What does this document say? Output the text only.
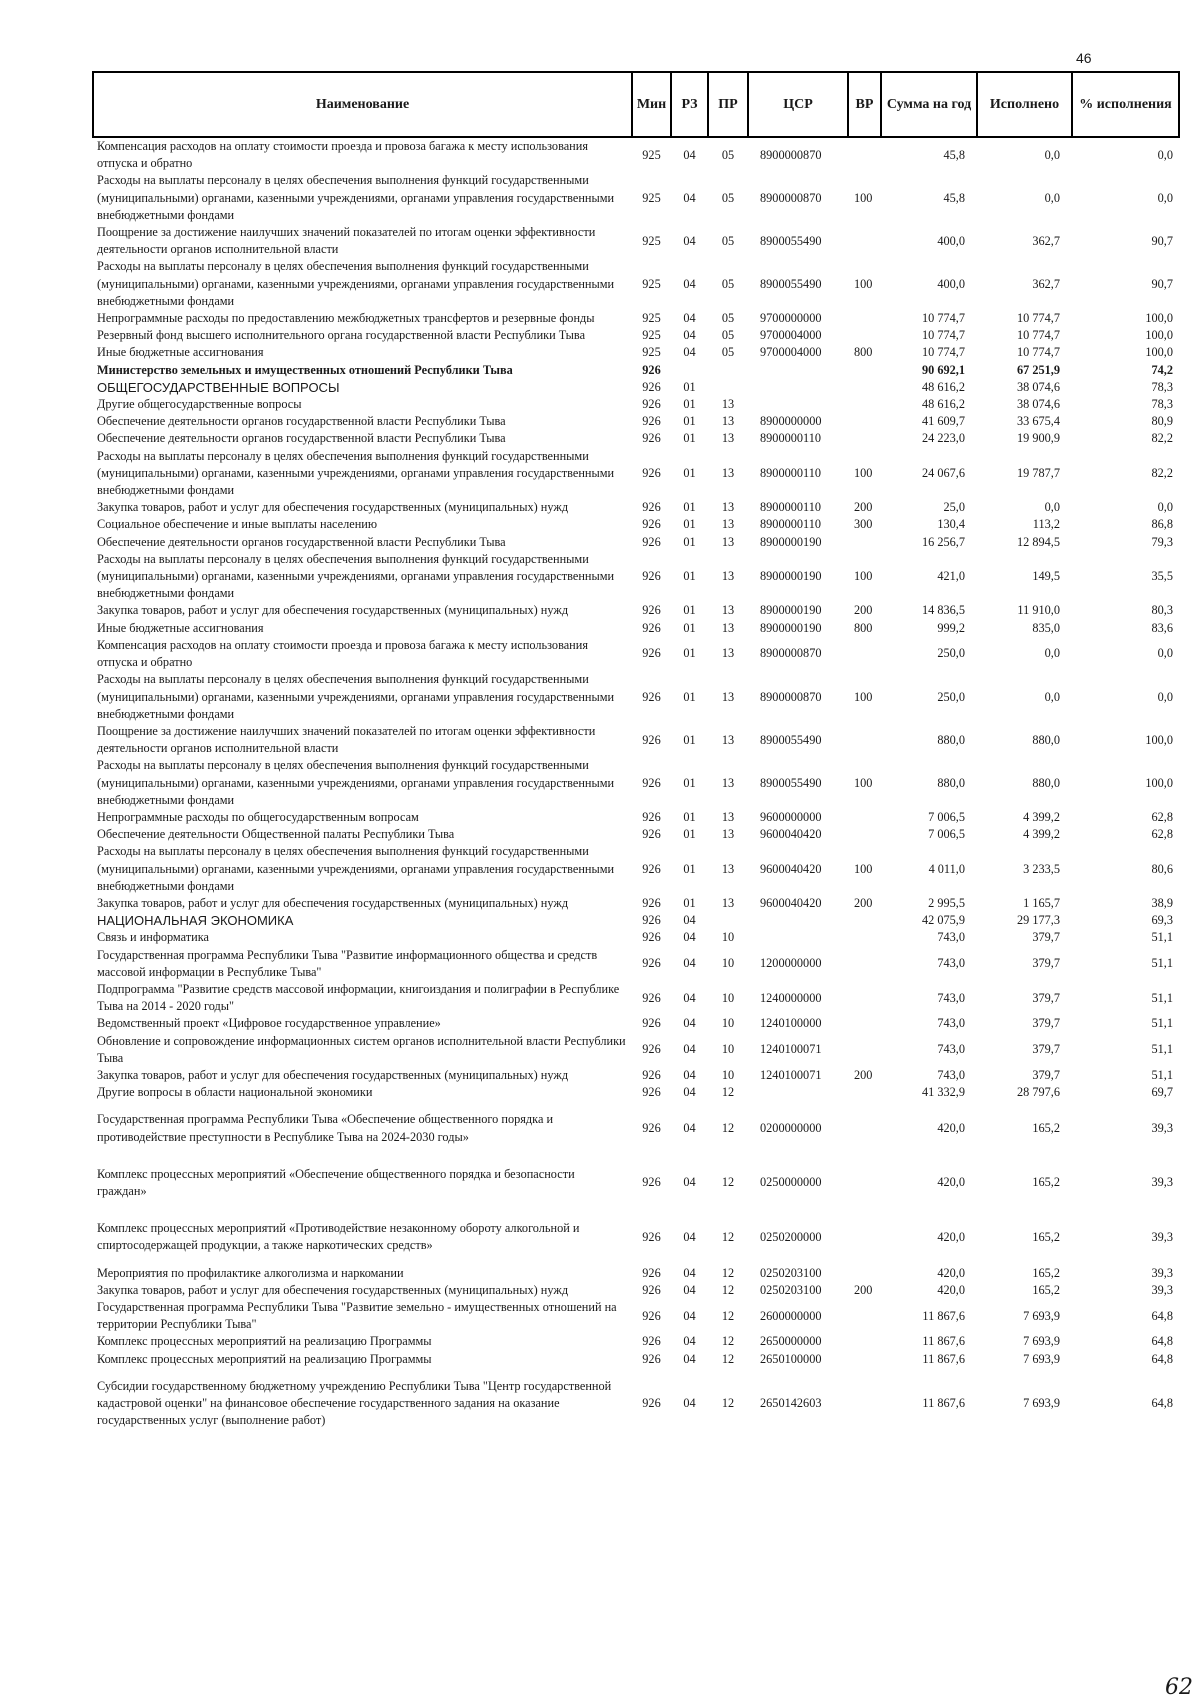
46
Наименование	Мин	РЗ	ПР	ЦСР	ВР	Сумма на год	Исполнено	% исполнения
Компенсация расходов на оплату стоимости проезда и провоза багажа к месту использования отпуска и обратно	925	04	05	8900000870		45,8	0,0	0,0
Расходы на выплаты персоналу в целях обеспечения выполнения функций государственными (муниципальными) органами, казенными учреждениями, органами управления государственными внебюджетными фондами	925	04	05	8900000870	100	45,8	0,0	0,0
Поощрение за достижение наилучших значений показателей по итогам оценки эффективности деятельности органов исполнительной власти	925	04	05	8900055490		400,0	362,7	90,7
Расходы на выплаты персоналу в целях обеспечения выполнения функций государственными (муниципальными) органами, казенными учреждениями, органами управления государственными внебюджетными фондами	925	04	05	8900055490	100	400,0	362,7	90,7
Непрограммные расходы по предоставлению межбюджетных трансфертов и резервные фонды	925	04	05	9700000000		10 774,7	10 774,7	100,0
Резервный фонд высшего исполнительного органа государственной власти Республики Тыва	925	04	05	9700004000		10 774,7	10 774,7	100,0
Иные бюджетные ассигнования	925	04	05	9700004000	800	10 774,7	10 774,7	100,0
Министерство земельных и имущественных отношений Республики Тыва	926					90 692,1	67 251,9	74,2
ОБЩЕГОСУДАРСТВЕННЫЕ ВОПРОСЫ	926	01				48 616,2	38 074,6	78,3
Другие общегосударственные вопросы	926	01	13			48 616,2	38 074,6	78,3
Обеспечение деятельности органов государственной власти Республики Тыва	926	01	13	8900000000		41 609,7	33 675,4	80,9
Обеспечение деятельности органов государственной власти Республики Тыва	926	01	13	8900000110		24 223,0	19 900,9	82,2
Расходы на выплаты персоналу в целях обеспечения выполнения функций государственными (муниципальными) органами, казенными учреждениями, органами управления государственными внебюджетными фондами	926	01	13	8900000110	100	24 067,6	19 787,7	82,2
Закупка товаров, работ и услуг для обеспечения государственных (муниципальных) нужд	926	01	13	8900000110	200	25,0	0,0	0,0
Социальное обеспечение и иные выплаты населению	926	01	13	8900000110	300	130,4	113,2	86,8
Обеспечение деятельности органов государственной власти Республики Тыва	926	01	13	8900000190		16 256,7	12 894,5	79,3
Расходы на выплаты персоналу в целях обеспечения выполнения функций государственными (муниципальными) органами, казенными учреждениями, органами управления государственными внебюджетными фондами	926	01	13	8900000190	100	421,0	149,5	35,5
Закупка товаров, работ и услуг для обеспечения государственных (муниципальных) нужд	926	01	13	8900000190	200	14 836,5	11 910,0	80,3
Иные бюджетные ассигнования	926	01	13	8900000190	800	999,2	835,0	83,6
Компенсация расходов на оплату стоимости проезда и провоза багажа к месту использования отпуска и обратно	926	01	13	8900000870		250,0	0,0	0,0
Расходы на выплаты персоналу в целях обеспечения выполнения функций государственными (муниципальными) органами, казенными учреждениями, органами управления государственными внебюджетными фондами	926	01	13	8900000870	100	250,0	0,0	0,0
Поощрение за достижение наилучших значений показателей по итогам оценки эффективности деятельности органов исполнительной власти	926	01	13	8900055490		880,0	880,0	100,0
Расходы на выплаты персоналу в целях обеспечения выполнения функций государственными (муниципальными) органами, казенными учреждениями, органами управления государственными внебюджетными фондами	926	01	13	8900055490	100	880,0	880,0	100,0
Непрограммные расходы по общегосударственным вопросам	926	01	13	9600000000		7 006,5	4 399,2	62,8
Обеспечение деятельности Общественной палаты Республики Тыва	926	01	13	9600040420		7 006,5	4 399,2	62,8
Расходы на выплаты персоналу в целях обеспечения выполнения функций государственными (муниципальными) органами, казенными учреждениями, органами управления государственными внебюджетными фондами	926	01	13	9600040420	100	4 011,0	3 233,5	80,6
Закупка товаров, работ и услуг для обеспечения государственных (муниципальных) нужд	926	01	13	9600040420	200	2 995,5	1 165,7	38,9
НАЦИОНАЛЬНАЯ ЭКОНОМИКА	926	04				42 075,9	29 177,3	69,3
Связь и информатика	926	04	10			743,0	379,7	51,1
Государственная программа Республики Тыва "Развитие информационного общества и средств массовой информации в Республике Тыва"	926	04	10	1200000000		743,0	379,7	51,1
Подпрограмма "Развитие средств массовой информации, книгоиздания и полиграфии в Республике Тыва на 2014 - 2020 годы"	926	04	10	1240000000		743,0	379,7	51,1
Ведомственный проект «Цифровое государственное управление»	926	04	10	1240100000		743,0	379,7	51,1
Обновление и сопровождение информационных систем органов исполнительной власти Республики Тыва	926	04	10	1240100071		743,0	379,7	51,1
Закупка товаров, работ и услуг для обеспечения государственных (муниципальных) нужд	926	04	10	1240100071	200	743,0	379,7	51,1
Другие вопросы в области национальной экономики	926	04	12			41 332,9	28 797,6	69,7
Государственная программа Республики Тыва «Обеспечение общественного порядка и противодействие преступности в Республике Тыва на 2024-2030 годы»	926	04	12	0200000000		420,0	165,2	39,3
Комплекс процессных мероприятий «Обеспечение общественного порядка и безопасности граждан»	926	04	12	0250000000		420,0	165,2	39,3
Комплекс процессных мероприятий «Противодействие незаконному обороту алкогольной и спиртосодержащей продукции, а также наркотических средств»	926	04	12	0250200000		420,0	165,2	39,3
Мероприятия по профилактике алкоголизма и наркомании	926	04	12	0250203100		420,0	165,2	39,3
Закупка товаров, работ и услуг для обеспечения государственных (муниципальных) нужд	926	04	12	0250203100	200	420,0	165,2	39,3
Государственная программа Республики Тыва "Развитие земельно - имущественных отношений на территории Республики Тыва"	926	04	12	2600000000		11 867,6	7 693,9	64,8
Комплекс процессных мероприятий на реализацию Программы	926	04	12	2650000000		11 867,6	7 693,9	64,8
Комплекс процессных мероприятий на реализацию Программы	926	04	12	2650100000		11 867,6	7 693,9	64,8
Субсидии государственному бюджетному учреждению Республики Тыва "Центр государственной кадастровой оценки" на финансовое обеспечение государственного задания на оказание государственных услуг (выполнение работ)	926	04	12	2650142603		11 867,6	7 693,9	64,8
62
